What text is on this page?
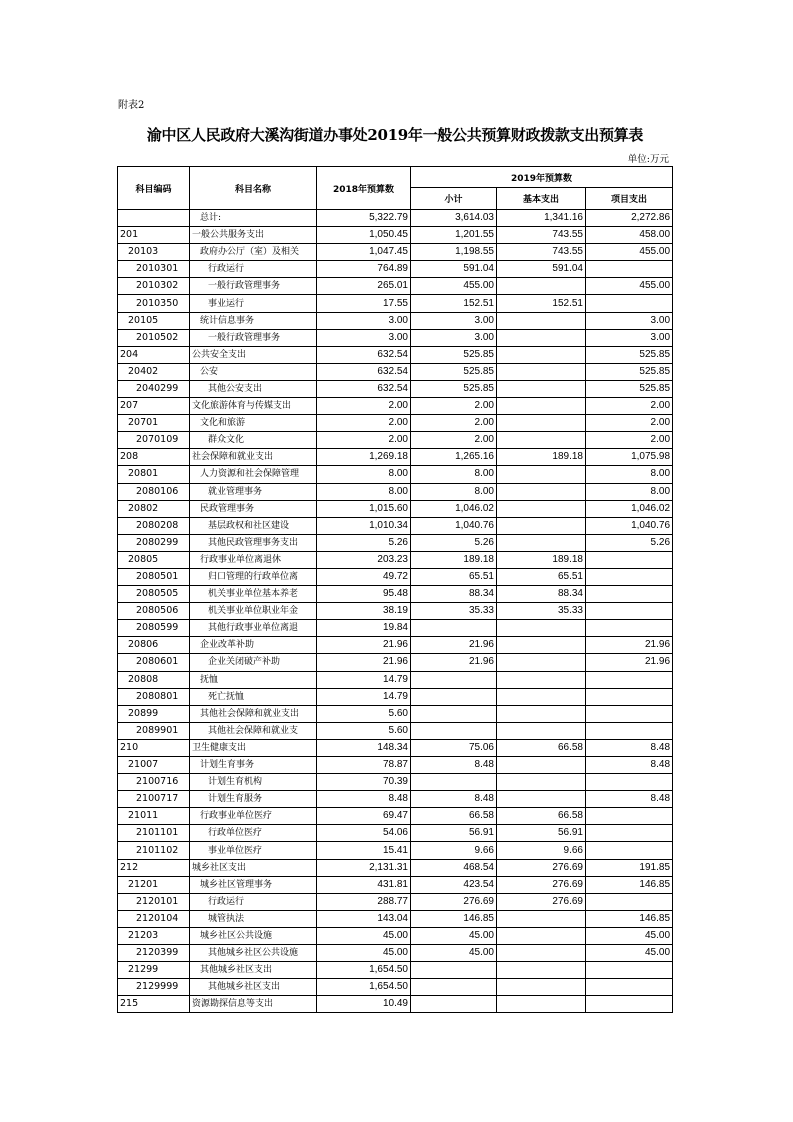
附表2
渝中区人民政府大溪沟街道办事处2019年一般公共预算财政拨款支出预算表
单位:万元
科目编码	科目名称	2018年预算数	2019年预算数		
			小计	基本支出	项目支出
	总计:	5,322.79	3,614.03	1,341.16	2,272.86
201	一般公共服务支出	1,050.45	1,201.55	743.55	458.00
20103	政府办公厅（室）及相关	1,047.45	1,198.55	743.55	455.00
2010301	行政运行	764.89	591.04	591.04	
2010302	一般行政管理事务	265.01	455.00		455.00
2010350	事业运行	17.55	152.51	152.51	
20105	统计信息事务	3.00	3.00		3.00
2010502	一般行政管理事务	3.00	3.00		3.00
204	公共安全支出	632.54	525.85		525.85
20402	公安	632.54	525.85		525.85
2040299	其他公安支出	632.54	525.85		525.85
207	文化旅游体育与传媒支出	2.00	2.00		2.00
20701	文化和旅游	2.00	2.00		2.00
2070109	群众文化	2.00	2.00		2.00
208	社会保障和就业支出	1,269.18	1,265.16	189.18	1,075.98
20801	人力资源和社会保障管理	8.00	8.00		8.00
2080106	就业管理事务	8.00	8.00		8.00
20802	民政管理事务	1,015.60	1,046.02		1,046.02
2080208	基层政权和社区建设	1,010.34	1,040.76		1,040.76
2080299	其他民政管理事务支出	5.26	5.26		5.26
20805	行政事业单位离退休	203.23	189.18	189.18	
2080501	归口管理的行政单位离	49.72	65.51	65.51	
2080505	机关事业单位基本养老	95.48	88.34	88.34	
2080506	机关事业单位职业年金	38.19	35.33	35.33	
2080599	其他行政事业单位离退	19.84			
20806	企业改革补助	21.96	21.96		21.96
2080601	企业关闭破产补助	21.96	21.96		21.96
20808	抚恤	14.79			
2080801	死亡抚恤	14.79			
20899	其他社会保障和就业支出	5.60			
2089901	其他社会保障和就业支	5.60			
210	卫生健康支出	148.34	75.06	66.58	8.48
21007	计划生育事务	78.87	8.48		8.48
2100716	计划生育机构	70.39			
2100717	计划生育服务	8.48	8.48		8.48
21011	行政事业单位医疗	69.47	66.58	66.58	
2101101	行政单位医疗	54.06	56.91	56.91	
2101102	事业单位医疗	15.41	9.66	9.66	
212	城乡社区支出	2,131.31	468.54	276.69	191.85
21201	城乡社区管理事务	431.81	423.54	276.69	146.85
2120101	行政运行	288.77	276.69	276.69	
2120104	城管执法	143.04	146.85		146.85
21203	城乡社区公共设施	45.00	45.00		45.00
2120399	其他城乡社区公共设施	45.00	45.00		45.00
21299	其他城乡社区支出	1,654.50			
2129999	其他城乡社区支出	1,654.50			
215	资源勘探信息等支出	10.49			
